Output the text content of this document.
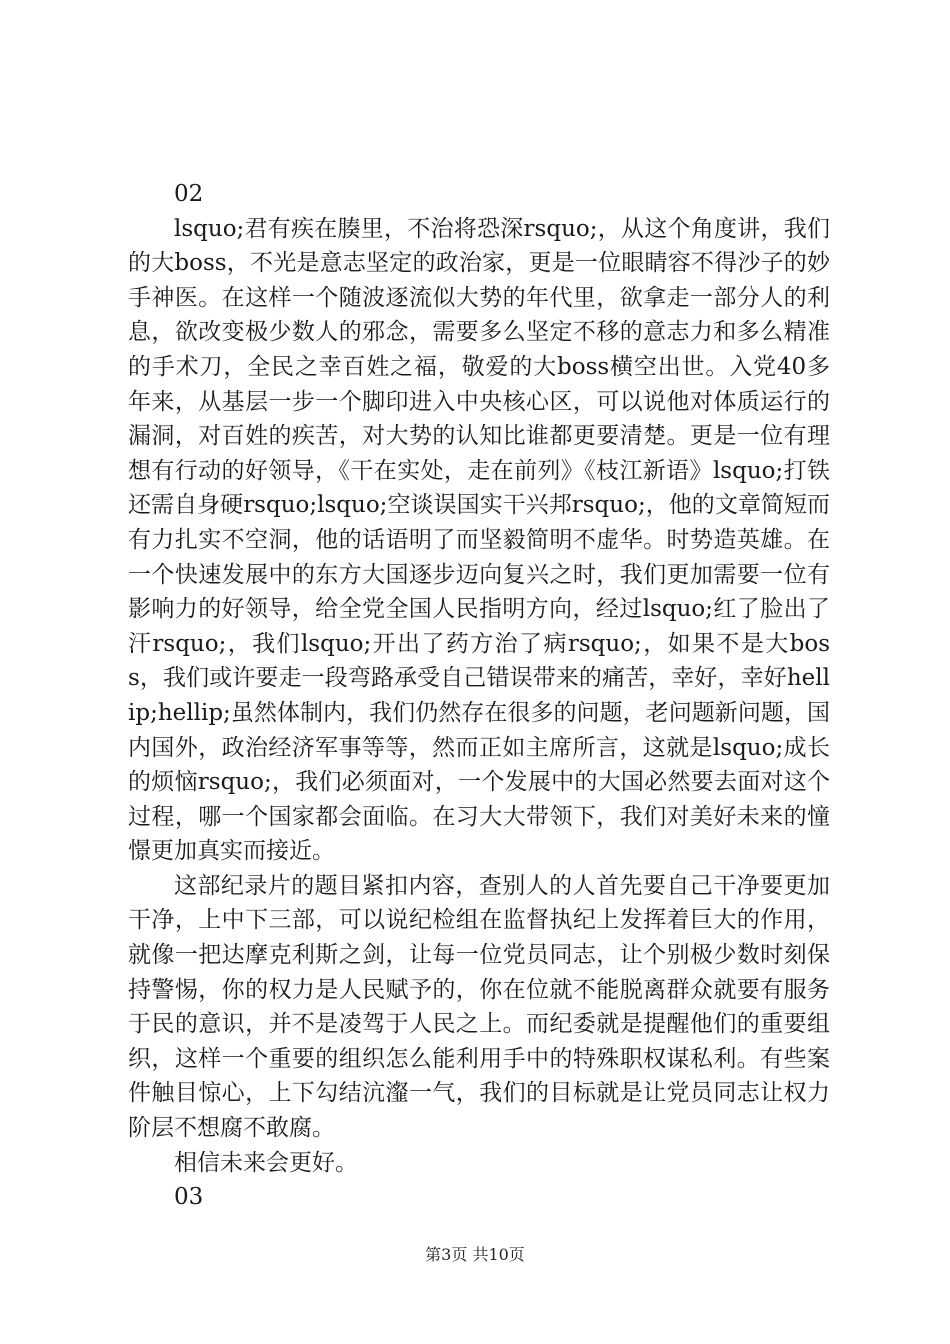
02

lsquo;君有疾在腠里，不治将恐深rsquo;，从这个角度讲，我们的大boss，不光是意志坚定的政治家，更是一位眼睛容不得沙子的妙手神医。在这样一个随波逐流似大势的年代里，欲拿走一部分人的利息，欲改变极少数人的邪念，需要多么坚定不移的意志力和多么精准的手术刀，全民之幸百姓之福，敬爱的大boss横空出世。入党40多年来，从基层一步一个脚印进入中央核心区，可以说他对体质运行的漏洞，对百姓的疾苦，对大势的认知比谁都更要清楚。更是一位有理想有行动的好领导，《干在实处，走在前列》《枝江新语》lsquo;打铁还需自身硬rsquo;lsquo;空谈误国实干兴邦rsquo;，他的文章简短而有力扎实不空洞，他的话语明了而坚毅简明不虚华。时势造英雄。在一个快速发展中的东方大国逐步迈向复兴之时，我们更加需要一位有影响力的好领导，给全党全国人民指明方向，经过lsquo;红了脸出了汗rsquo;，我们lsquo;开出了药方治了病rsquo;，如果不是大boss，我们或许要走一段弯路承受自己错误带来的痛苦，幸好，幸好hellip;hellip;虽然体制内，我们仍然存在很多的问题，老问题新问题，国内国外，政治经济军事等等，然而正如主席所言，这就是lsquo;成长的烦恼rsquo;，我们必须面对，一个发展中的大国必然要去面对这个过程，哪一个国家都会面临。在习大大带领下，我们对美好未来的憧憬更加真实而接近。

这部纪录片的题目紧扣内容，查别人的人首先要自己干净要更加干净，上中下三部，可以说纪检组在监督执纪上发挥着巨大的作用，就像一把达摩克利斯之剑，让每一位党员同志，让个别极少数时刻保持警惕，你的权力是人民赋予的，你在位就不能脱离群众就要有服务于民的意识，并不是凌驾于人民之上。而纪委就是提醒他们的重要组织，这样一个重要的组织怎么能利用手中的特殊职权谋私利。有些案件触目惊心，上下勾结沆瀣一气，我们的目标就是让党员同志让权力阶层不想腐不敢腐。

相信未来会更好。

03

第3页 共10页
